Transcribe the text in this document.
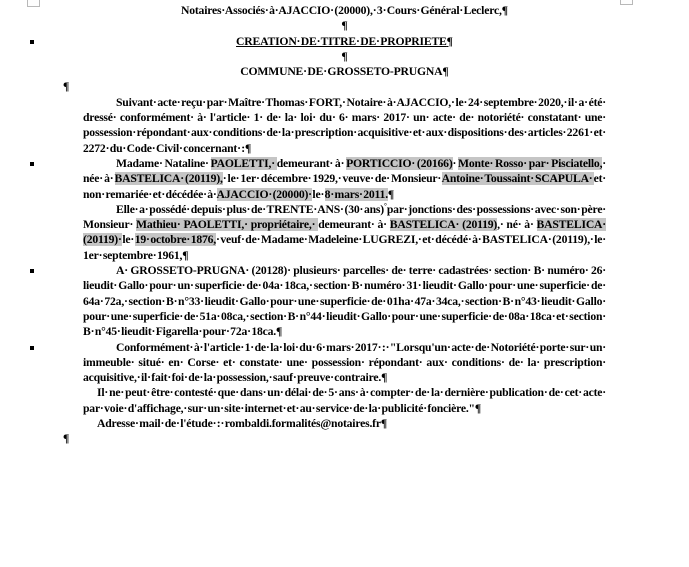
Notaires· Associés· à· AJACCIO· (20000),· 3· Cours· Général· Leclerc,¶
¶
CREATION· DE· TITRE· DE· PROPRIETE¶
¶
COMMUNE· DE· GROSSETO-PRUGNA¶
¶
Suivant· acte· reçu· par· Maître· Thomas· FORT,· Notaire· à· AJACCIO,· le· 24· septembre· 2020,· il· a· été· dressé· conformément· à· l'article· 1· de· la· loi· du· 6· mars· 2017· un· acte· de· notoriété· constatant· une· possession· répondant· aux· conditions· de· la· prescription· acquisitive· et· aux· dispositions· des· articles· 2261· et· 2272· du· Code· Civil· concernant· :¶
Madame· Nataline· PAOLETTI,· demeurant· à· PORTICCIO· (20166)· Monte· Rosso· par· Pisciatello,· née· à· BASTELICA· (20119),· le· 1er· décembre· 1929,· veuve· de· Monsieur· Antoine· Toussaint· SCAPULA· et· non· remariée· et· décédée· à· AJACCIO· (20000)· le· 8· mars· 2011.¶
Elle· a· possédé· depuis· plus· de· TRENTE· ANS· (30· ans)°par· jonctions· des· possessions· avec· son· père· Monsieur· Mathieu· PAOLETTI,· propriétaire,· demeurant· à· BASTELICA· (20119),· né· à· BASTELICA· (20119)· le· 19· octobre· 1876,· veuf· de· Madame· Madeleine· LUGREZI,· et· décédé· à· BASTELICA· (20119),· le· 1er· septembre· 1961,¶
A· GROSSETO-PRUGNA· (20128)· plusieurs· parcelles· de· terre· cadastrées· section· B· numéro· 26· lieudit· Gallo· pour· un· superficie· de· 04a· 18ca,· section· B· numéro· 31· lieudit· Gallo· pour· une· superficie· de· 64a· 72a,· section· B· n°33· lieudit· Gallo· pour· une· superficie· de· 01ha· 47a· 34ca,· section· B· n°43· lieudit· Gallo· pour· une· superficie· de· 51a· 08ca,· section· B· n°44· lieudit· Gallo· pour· une· superficie· de· 08a· 18ca· et· section· B· n°45· lieudit· Figarella· pour· 72a· 18ca.¶
Conformément· à· l'article· 1· de· la· loi· du· 6· mars· 2017· :· "Lorsqu'un· acte· de· Notoriété· porte· sur· un· immeuble· situé· en· Corse· et· constate· une· possession· répondant· aux· conditions· de· la· prescription· acquisitive,· il· fait· foi· de· la· possession,· sauf· preuve· contraire.¶
Il· ne· peut· être· contesté· que· dans· un· délai· de· 5· ans· à· compter· de· la· dernière· publication· de· cet· acte· par· voie· d'affichage,· sur· un· site· internet· et· au· service· de· la· publicité· foncière."¶
Adresse· mail· de· l'étude· :· rombaldi.formalités@notaires.fr¶
¶
